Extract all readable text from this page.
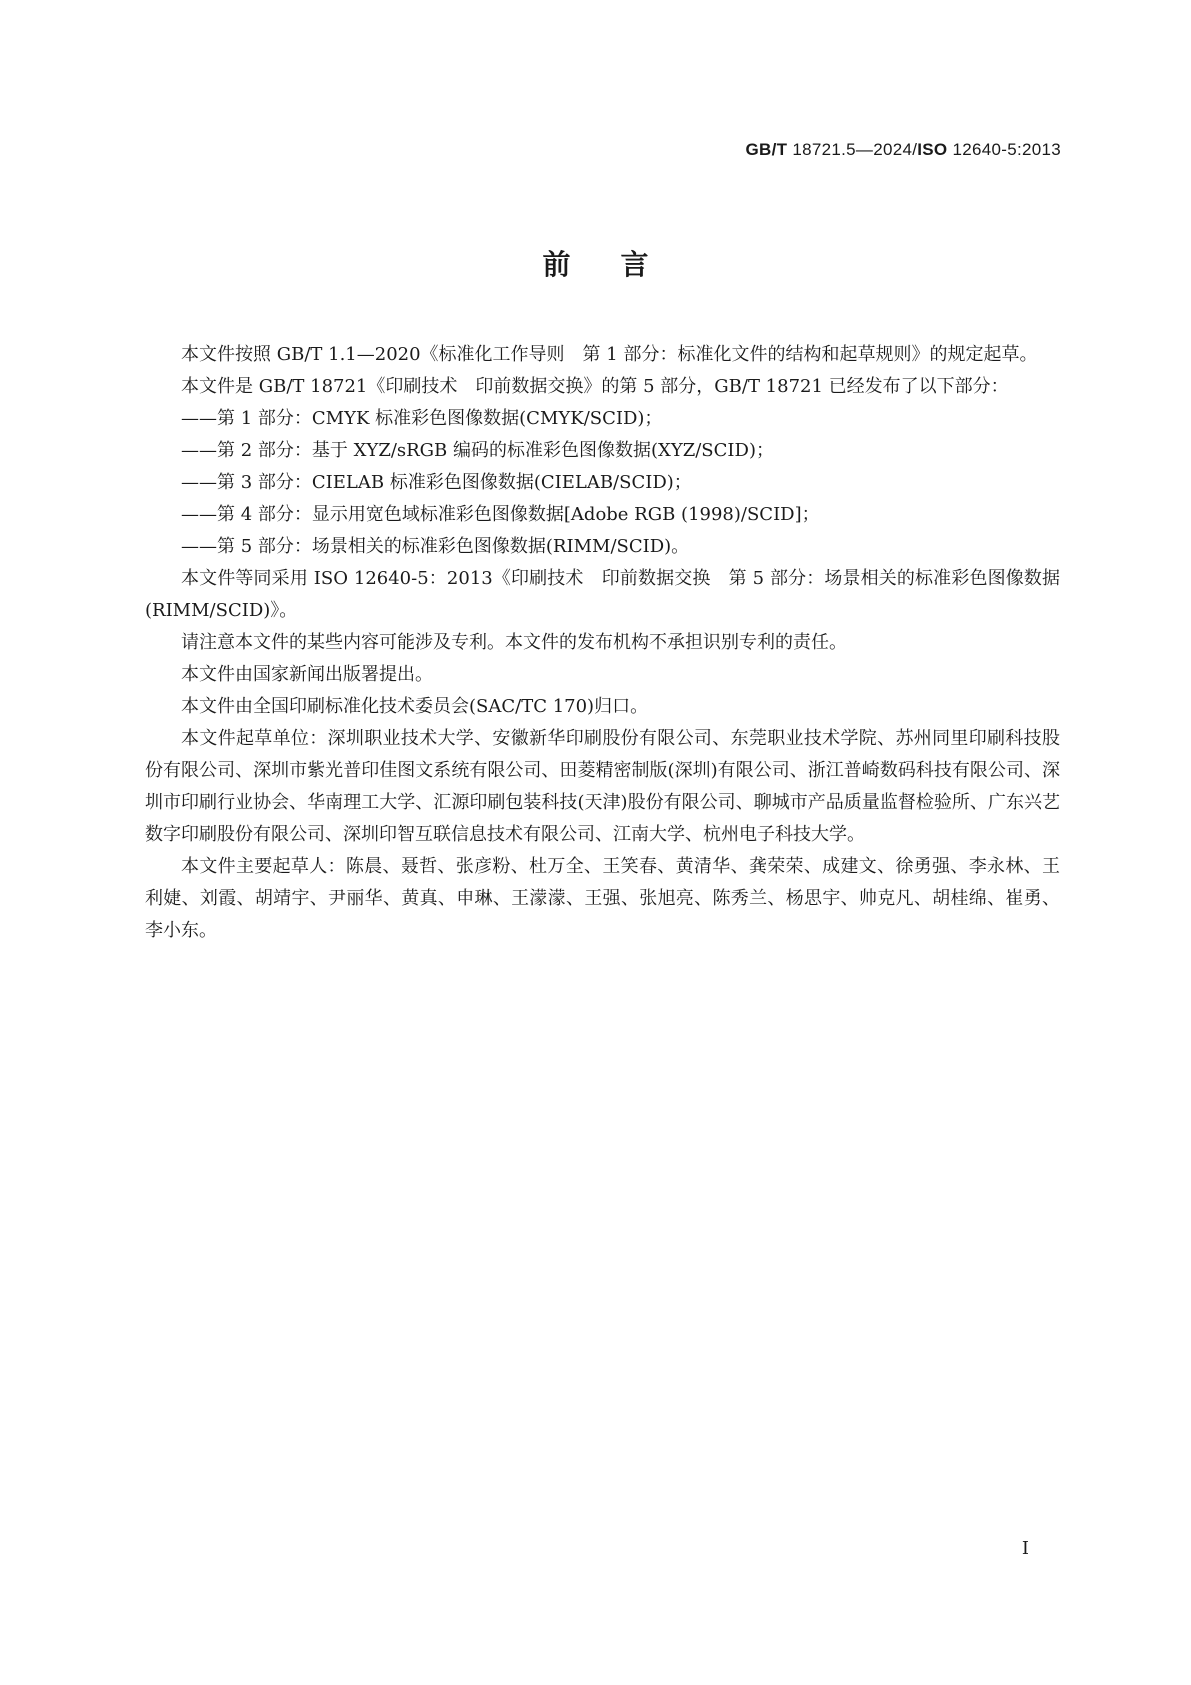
GB/T 18721.5—2024/ISO 12640-5:2013
前言

本文件按照 GB/T 1.1—2020《标准化工作导则　第 1 部分：标准化文件的结构和起草规则》的规定起草。

本文件是 GB/T 18721《印刷技术　印前数据交换》的第 5 部分，GB/T 18721 已经发布了以下部分：

——第 1 部分：CMYK 标准彩色图像数据(CMYK/SCID)；

——第 2 部分：基于 XYZ/sRGB 编码的标准彩色图像数据(XYZ/SCID)；

——第 3 部分：CIELAB 标准彩色图像数据(CIELAB/SCID)；

——第 4 部分：显示用宽色域标准彩色图像数据[Adobe RGB (1998)/SCID]；

——第 5 部分：场景相关的标准彩色图像数据(RIMM/SCID)。

本文件等同采用 ISO 12640-5：2013《印刷技术　印前数据交换　第 5 部分：场景相关的标准彩色图像数据 (RIMM/SCID)》。

请注意本文件的某些内容可能涉及专利。本文件的发布机构不承担识别专利的责任。

本文件由国家新闻出版署提出。

本文件由全国印刷标准化技术委员会(SAC/TC 170)归口。

本文件起草单位：深圳职业技术大学、安徽新华印刷股份有限公司、东莞职业技术学院、苏州同里印刷科技股份有限公司、深圳市紫光普印佳图文系统有限公司、田菱精密制版(深圳)有限公司、浙江普崎数码科技有限公司、深圳市印刷行业协会、华南理工大学、汇源印刷包装科技(天津)股份有限公司、聊城市产品质量监督检验所、广东兴艺数字印刷股份有限公司、深圳印智互联信息技术有限公司、江南大学、杭州电子科技大学。

本文件主要起草人：陈晨、聂哲、张彦粉、杜万全、王笑春、黄清华、龚荣荣、成建文、徐勇强、李永林、王利婕、刘霞、胡靖宇、尹丽华、黄真、申琳、王濛濛、王强、张旭亮、陈秀兰、杨思宇、帅克凡、胡桂绵、崔勇、李小东。

I
